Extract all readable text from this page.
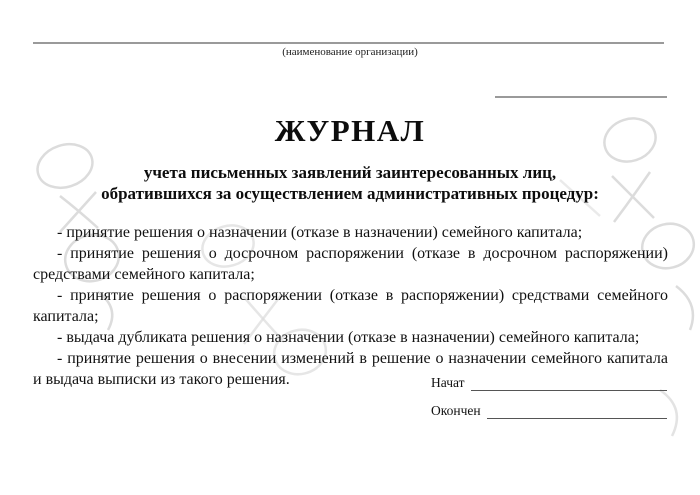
(наименование организации)
ЖУРНАЛ
учета письменных заявлений заинтересованных лиц,
обратившихся за осуществлением административных процедур:

- принятие решения о назначении (отказе в назначении) семейного капитала;

- принятие решения о досрочном распоряжении (отказе в досрочном распоряжении) средствами семейного капитала;

- принятие решения о распоряжении (отказе в распоряжении) средствами семейного капитала;

- выдача дубликата решения о назначении (отказе в назначении) семейного капитала;

- принятие решения о внесении изменений в решение о назначении семейного капитала и выдача выписки из такого решения.	Начат
Окончен
